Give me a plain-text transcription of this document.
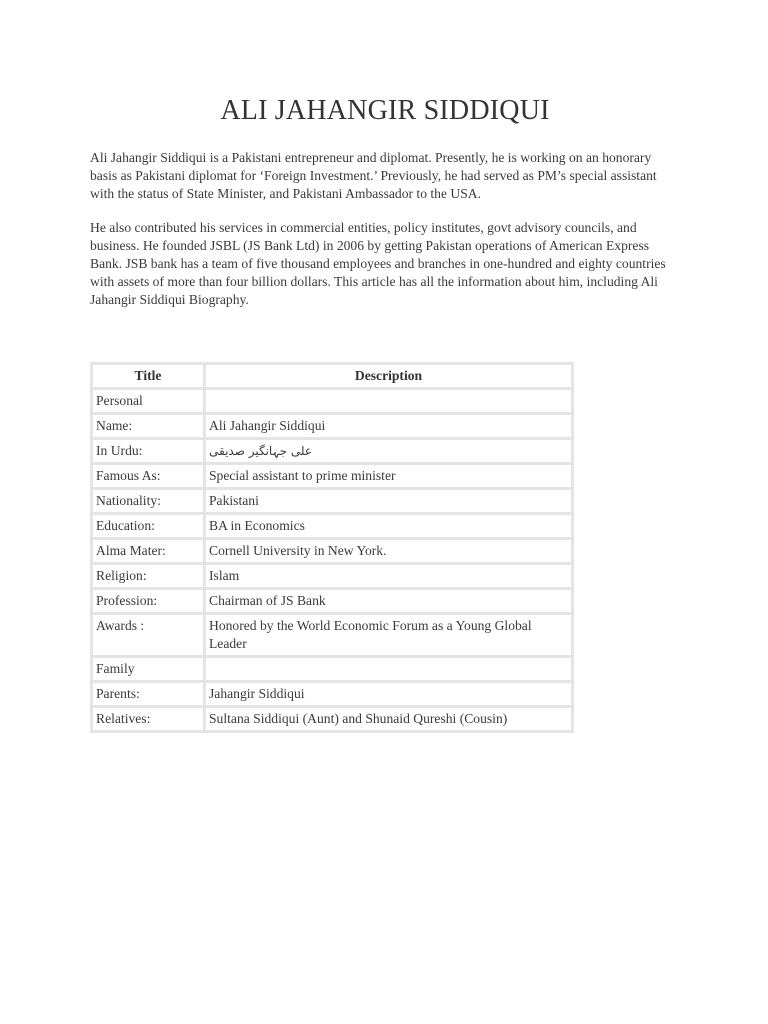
ALI JAHANGIR SIDDIQUI

Ali Jahangir Siddiqui is a Pakistani entrepreneur and diplomat. Presently, he is working on an honorary basis as Pakistani diplomat for ‘Foreign Investment.’ Previously, he had served as PM’s special assistant with the status of State Minister, and Pakistani Ambassador to the USA.

He also contributed his services in commercial entities, policy institutes, govt advisory councils, and business. He founded JSBL (JS Bank Ltd) in 2006 by getting Pakistan operations of American Express Bank. JSB bank has a team of five thousand employees and branches in one-hundred and eighty countries with assets of more than four billion dollars. This article has all the information about him, including Ali Jahangir Siddiqui Biography.

Title	Description
Personal	
Name:	Ali Jahangir Siddiqui
In Urdu:	علی جہانگیر صدیقی
Famous As:	Special assistant to prime minister
Nationality:	Pakistani
Education:	BA in Economics
Alma Mater:	Cornell University in New York.
Religion:	Islam
Profession:	Chairman of JS Bank
Awards :	Honored by the World Economic Forum as a Young Global Leader
Family	
Parents:	Jahangir Siddiqui
Relatives:	Sultana Siddiqui (Aunt) and Shunaid Qureshi (Cousin)
